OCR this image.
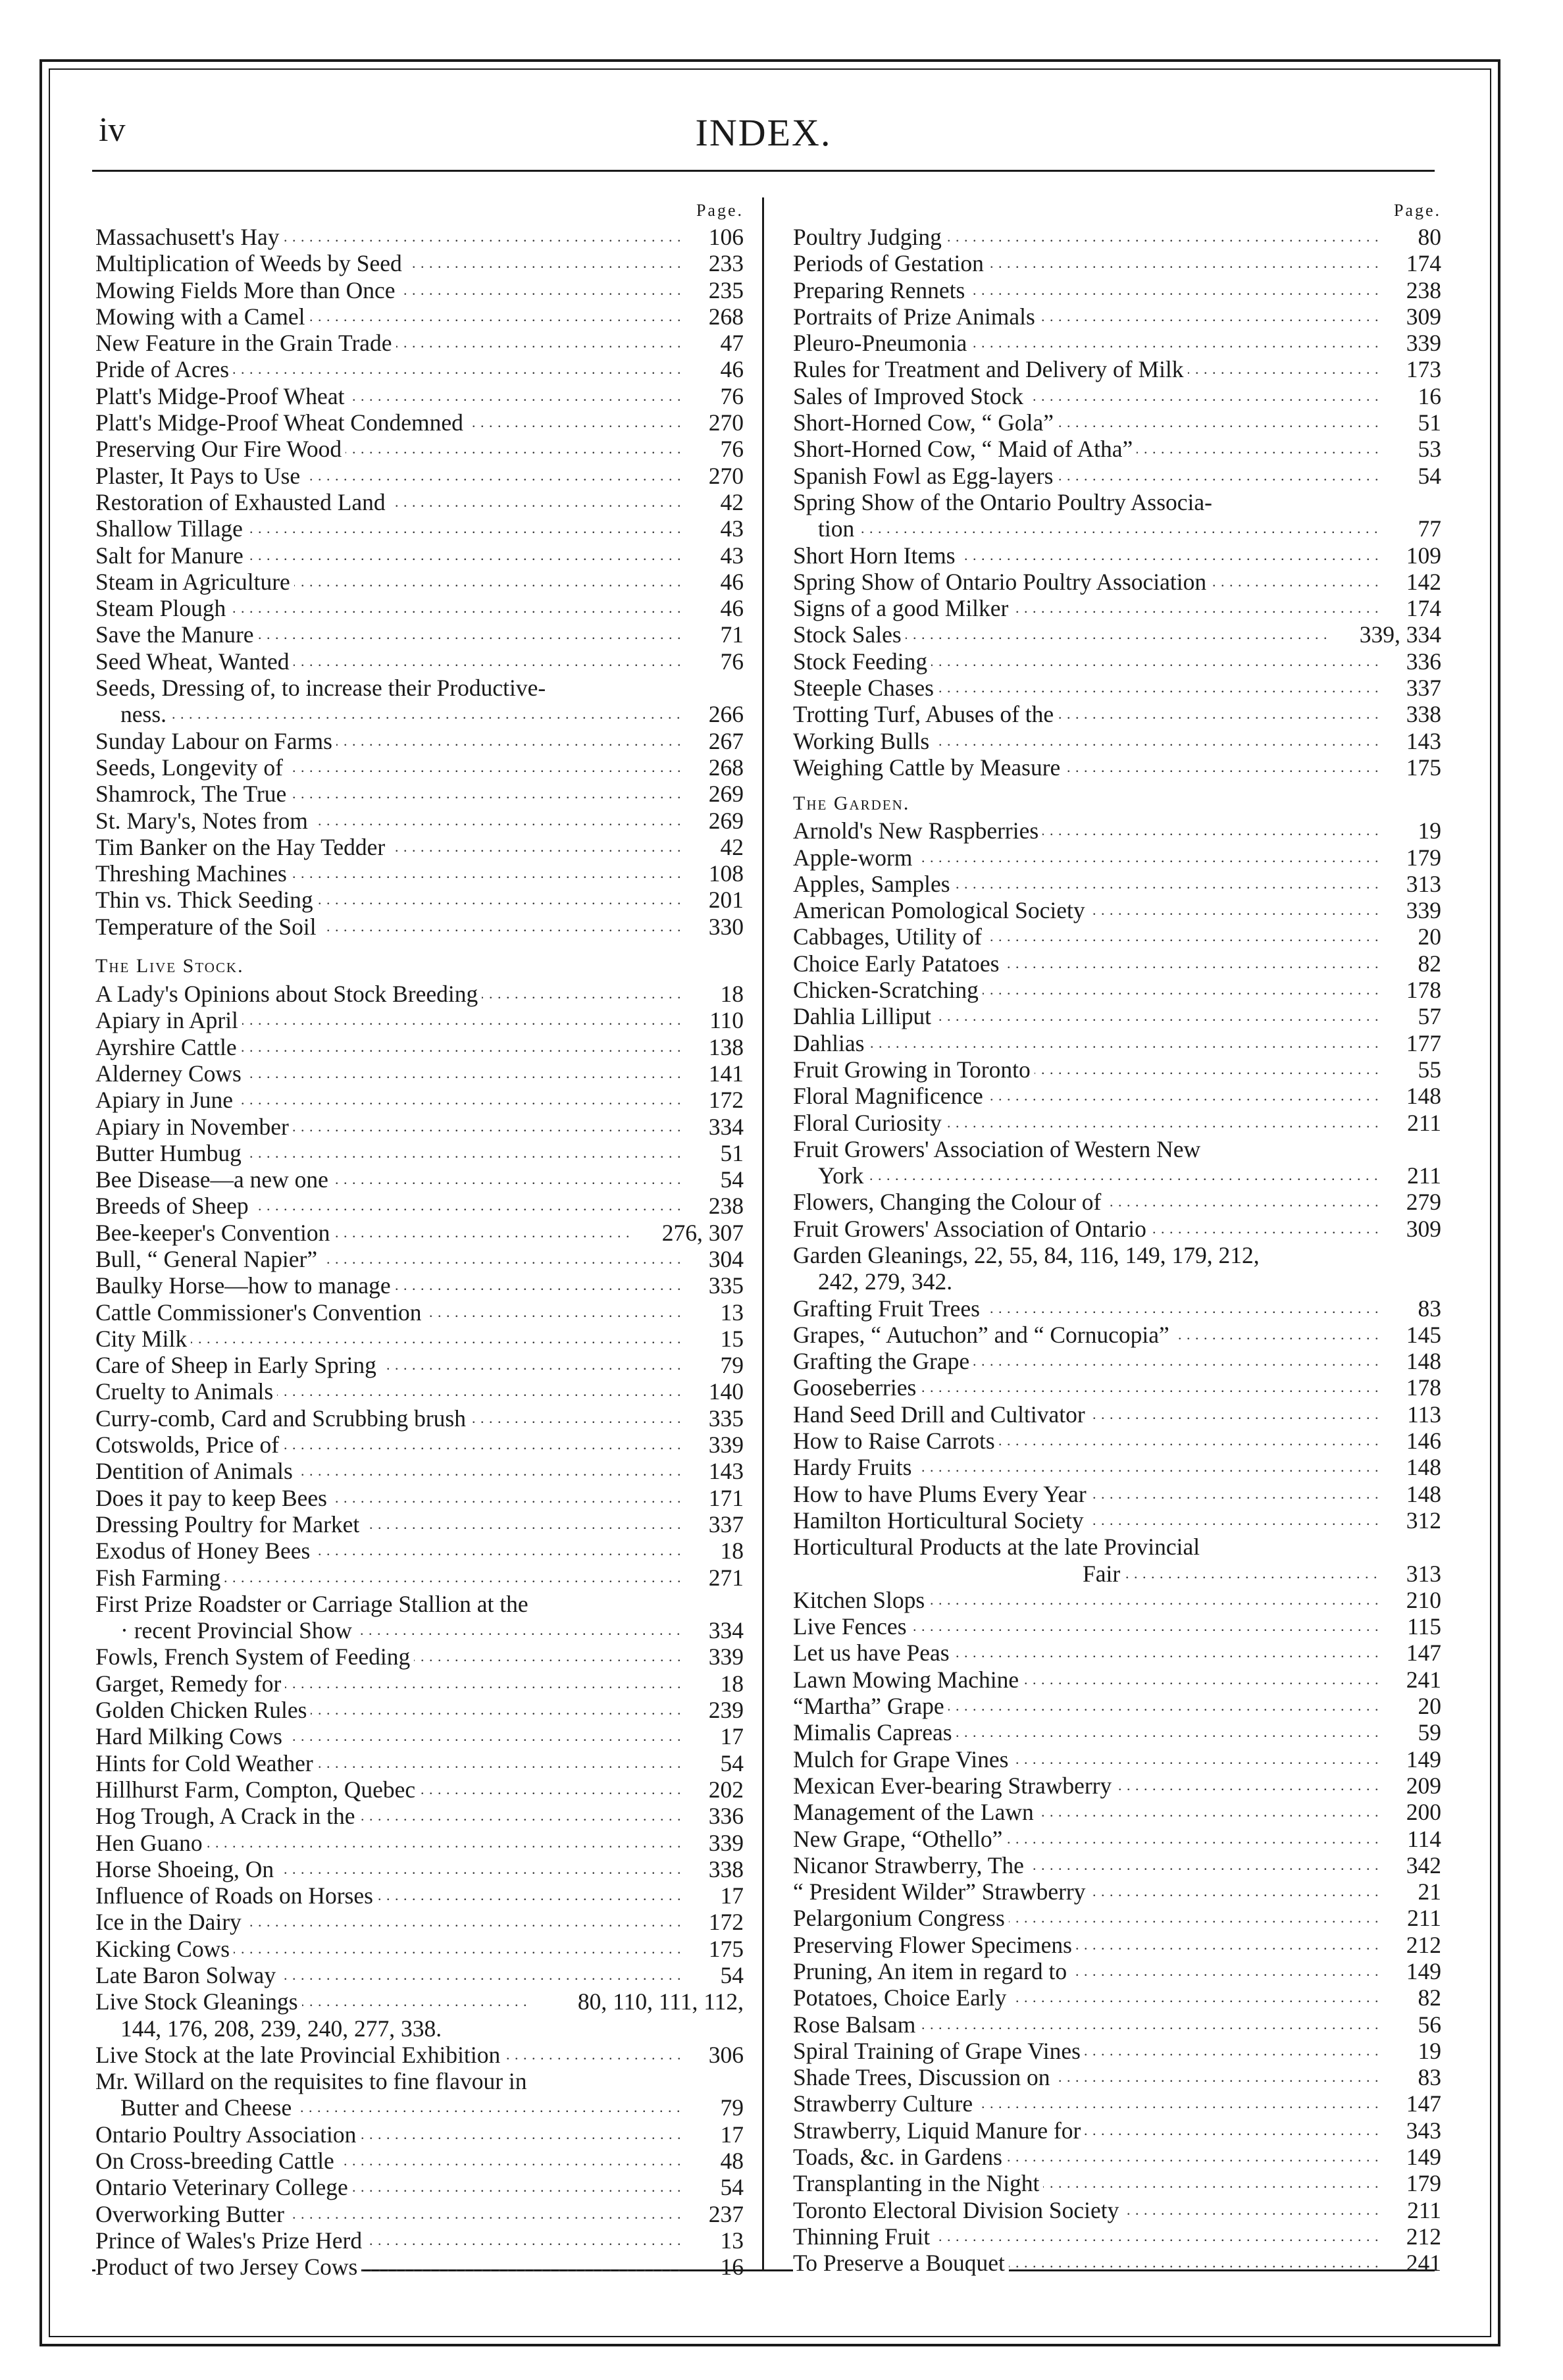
iv	INDEX.
Page.
Massachusett's Hay . . .	106
Multiplication of Weeds by Seed . . .	233
Mowing Fields More than Once . . .	235
Mowing with a Camel . . .	268
New Feature in the Grain Trade . . .	47
Pride of Acres . . .	46
Platt's Midge-Proof Wheat . . .	76
Platt's Midge-Proof Wheat Condemned . . .	270
Preserving Our Fire Wood . . .	76
Plaster, It Pays to Use . . .	270
Restoration of Exhausted Land . . .	42
Shallow Tillage . . .	43
Salt for Manure . . .	43
Steam in Agriculture . . .	46
Steam Plough . . .	46
Save the Manure . . .	71
Seed Wheat, Wanted . . .	76
Seeds, Dressing of, to increase their Productive-
ness. . . .	266
Sunday Labour on Farms . . .	267
Seeds, Longevity of . . .	268
Shamrock, The True . . .	269
St. Mary's, Notes from . . .	269
Tim Banker on the Hay Tedder . . .	42
Threshing Machines . . .	108
Thin vs. Thick Seeding . . .	201
Temperature of the Soil . . .	330
The Live Stock.
A Lady's Opinions about Stock Breeding . . .	18
Apiary in April . . .	110
Ayrshire Cattle . . .	138
Alderney Cows . . .	141
Apiary in June . . .	172
Apiary in November . . .	334
Butter Humbug . . .	51
Bee Disease—a new one . . .	54
Breeds of Sheep . . .	238
Bee-keeper's Convention . . .	276, 307
Bull, “ General Napier” . . .	304
Baulky Horse—how to manage . . .	335
Cattle Commissioner's Convention . . .	13
City Milk . . .	15
Care of Sheep in Early Spring . . .	79
Cruelty to Animals . . .	140
Curry-comb, Card and Scrubbing brush . . .	335
Cotswolds, Price of . . .	339
Dentition of Animals . . .	143
Does it pay to keep Bees . . .	171
Dressing Poultry for Market . . .	337
Exodus of Honey Bees . . .	18
Fish Farming . . .	271
First Prize Roadster or Carriage Stallion at the
· recent Provincial Show . . .	334
Fowls, French System of Feeding . . .	339
Garget, Remedy for . . .	18
Golden Chicken Rules . . .	239
Hard Milking Cows . . .	17
Hints for Cold Weather . . .	54
Hillhurst Farm, Compton, Quebec . . .	202
Hog Trough, A Crack in the . . .	336
Hen Guano . . .	339
Horse Shoeing, On . . .	338
Influence of Roads on Horses . . .	17
Ice in the Dairy . . .	172
Kicking Cows . . .	175
Late Baron Solway . . .	54
Live Stock Gleanings . . .	80, 110, 111, 112,
144, 176, 208, 239, 240, 277, 338.
Live Stock at the late Provincial Exhibition . . .	306
Mr. Willard on the requisites to fine flavour in
Butter and Cheese . . .	79
Ontario Poultry Association . . .	17
On Cross-breeding Cattle . . .	48
Ontario Veterinary College . . .	54
Overworking Butter . . .	237
Prince of Wales's Prize Herd . . .	13
Product of two Jersey Cows . . .	16
Page.
Poultry Judging . . .	80
Periods of Gestation . . .	174
Preparing Rennets . . .	238
Portraits of Prize Animals . . .	309
Pleuro-Pneumonia . . .	339
Rules for Treatment and Delivery of Milk . . .	173
Sales of Improved Stock . . .	16
Short-Horned Cow, “ Gola” . . .	51
Short-Horned Cow, “ Maid of Atha” . . .	53
Spanish Fowl as Egg-layers . . .	54
Spring Show of the Ontario Poultry Associa-
tion . . .	77
Short Horn Items . . .	109
Spring Show of Ontario Poultry Association . . .	142
Signs of a good Milker . . .	174
Stock Sales . . .	339, 334
Stock Feeding . . .	336
Steeple Chases . . .	337
Trotting Turf, Abuses of the . . .	338
Working Bulls . . .	143
Weighing Cattle by Measure . . .	175
The Garden.
Arnold's New Raspberries . . .	19
Apple-worm . . .	179
Apples, Samples . . .	313
American Pomological Society . . .	339
Cabbages, Utility of . . .	20
Choice Early Patatoes . . .	82
Chicken-Scratching . . .	178
Dahlia Lilliput . . .	57
Dahlias . . .	177
Fruit Growing in Toronto . . .	55
Floral Magnificence . . .	148
Floral Curiosity . . .	211
Fruit Growers' Association of Western New
York . . .	211
Flowers, Changing the Colour of . . .	279
Fruit Growers' Association of Ontario . . .	309
Garden Gleanings, 22, 55, 84, 116, 149, 179, 212,
242, 279, 342.
Grafting Fruit Trees . . .	83
Grapes, “ Autuchon” and “ Cornucopia” . . .	145
Grafting the Grape . . .	148
Gooseberries . . .	178
Hand Seed Drill and Cultivator . . .	113
How to Raise Carrots . . .	146
Hardy Fruits . . .	148
How to have Plums Every Year . . .	148
Hamilton Horticultural Society . . .	312
Horticultural Products at the late Provincial
Fair . . .	313
Kitchen Slops . . .	210
Live Fences . . .	115
Let us have Peas . . .	147
Lawn Mowing Machine . . .	241
“Martha” Grape . . .	20
Mimalis Capreas . . .	59
Mulch for Grape Vines . . .	149
Mexican Ever-bearing Strawberry . . .	209
Management of the Lawn . . .	200
New Grape, “Othello” . . .	114
Nicanor Strawberry, The . . .	342
“ President Wilder” Strawberry . . .	21
Pelargonium Congress . . .	211
Preserving Flower Specimens . . .	212
Pruning, An item in regard to . . .	149
Potatoes, Choice Early . . .	82
Rose Balsam . . .	56
Spiral Training of Grape Vines . . .	19
Shade Trees, Discussion on . . .	83
Strawberry Culture . . .	147
Strawberry, Liquid Manure for . . .	343
Toads, &c. in Gardens . . .	149
Transplanting in the Night . . .	179
Toronto Electoral Division Society . . .	211
Thinning Fruit . . .	212
To Preserve a Bouquet . . .	241
